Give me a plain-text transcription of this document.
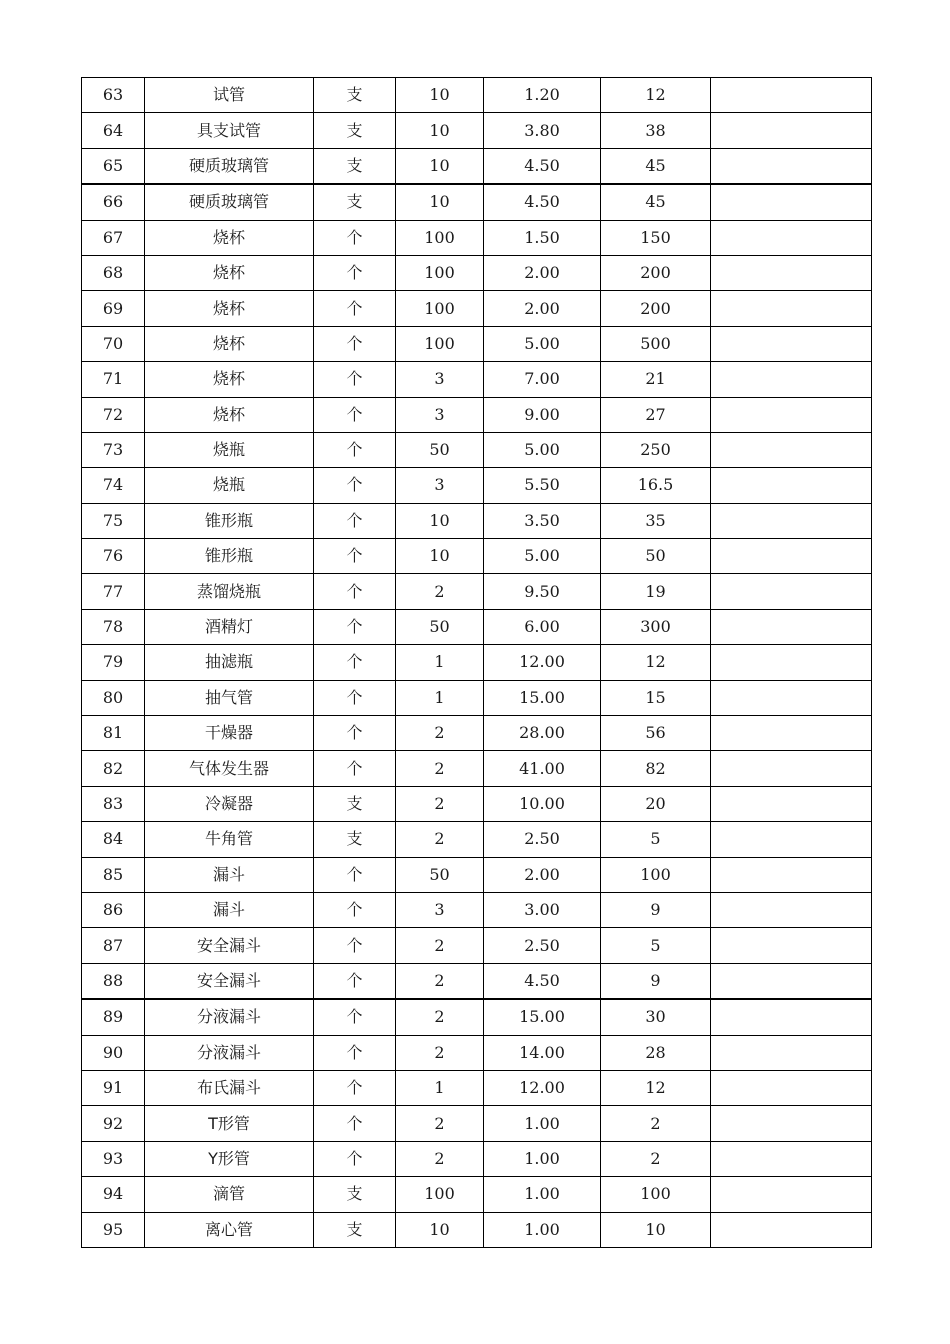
63	试管	支	10	1.20	12	
64	具支试管	支	10	3.80	38	
65	硬质玻璃管	支	10	4.50	45	
66	硬质玻璃管	支	10	4.50	45	
67	烧杯	个	100	1.50	150	
68	烧杯	个	100	2.00	200	
69	烧杯	个	100	2.00	200	
70	烧杯	个	100	5.00	500	
71	烧杯	个	3	7.00	21	
72	烧杯	个	3	9.00	27	
73	烧瓶	个	50	5.00	250	
74	烧瓶	个	3	5.50	16.5	
75	锥形瓶	个	10	3.50	35	
76	锥形瓶	个	10	5.00	50	
77	蒸馏烧瓶	个	2	9.50	19	
78	酒精灯	个	50	6.00	300	
79	抽滤瓶	个	1	12.00	12	
80	抽气管	个	1	15.00	15	
81	干燥器	个	2	28.00	56	
82	气体发生器	个	2	41.00	82	
83	冷凝器	支	2	10.00	20	
84	牛角管	支	2	2.50	5	
85	漏斗	个	50	2.00	100	
86	漏斗	个	3	3.00	9	
87	安全漏斗	个	2	2.50	5	
88	安全漏斗	个	2	4.50	9	
89	分液漏斗	个	2	15.00	30	
90	分液漏斗	个	2	14.00	28	
91	布氏漏斗	个	1	12.00	12	
92	T形管	个	2	1.00	2	
93	Y形管	个	2	1.00	2	
94	滴管	支	100	1.00	100	
95	离心管	支	10	1.00	10	
